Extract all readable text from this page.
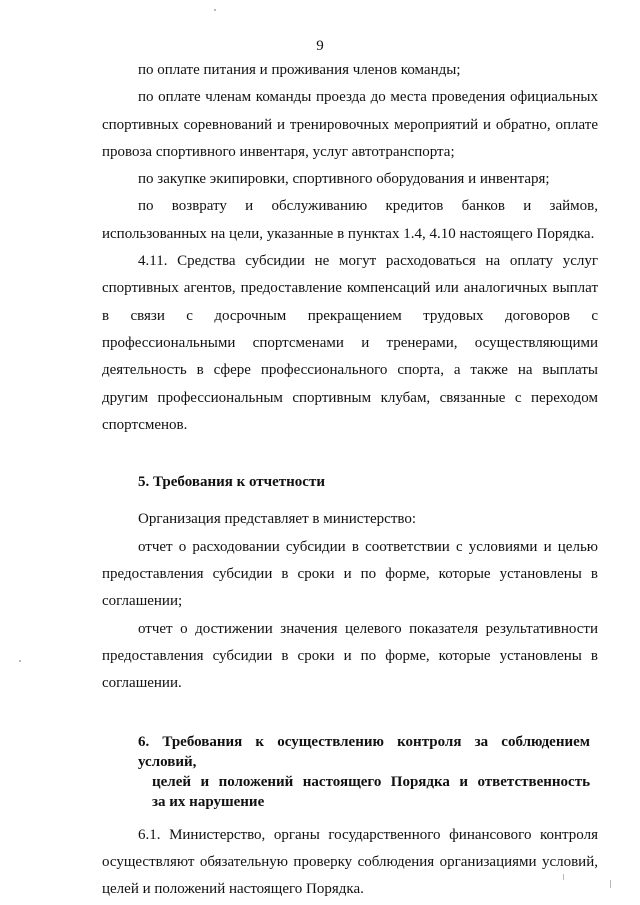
9

по оплате питания и проживания членов команды;

по оплате членам команды проезда до места проведения официальных спортивных соревнований и тренировочных мероприятий и обратно, оплате провоза спортивного инвентаря, услуг автотранспорта;

по закупке экипировки, спортивного оборудования и инвентаря;

по возврату и обслуживанию кредитов банков и займов, использованных на цели, указанные в пунктах 1.4, 4.10 настоящего Порядка.

4.11. Средства субсидии не могут расходоваться на оплату услуг спортивных агентов, предоставление компенсаций или аналогичных выплат в связи с досрочным прекращением трудовых договоров с профессиональными спортсменами и тренерами, осуществляющими деятельность в сфере профессионального спорта, а также на выплаты другим профессиональным спортивным клубам, связанные с переходом спортсменов.

5. Требования к отчетности

Организация представляет в министерство:

отчет о расходовании субсидии в соответствии с условиями и целью предоставления субсидии в сроки и по форме, которые установлены в соглашении;

отчет о достижении значения целевого показателя результативности предоставления субсидии в сроки и по форме, которые установлены в соглашении.

6. Требования к осуществлению контроля за соблюдением условий,
целей и положений настоящего Порядка и ответственность
за их нарушение

6.1. Министерство, органы государственного финансового контроля осуществляют обязательную проверку соблюдения организациями условий, целей и положений настоящего Порядка.
